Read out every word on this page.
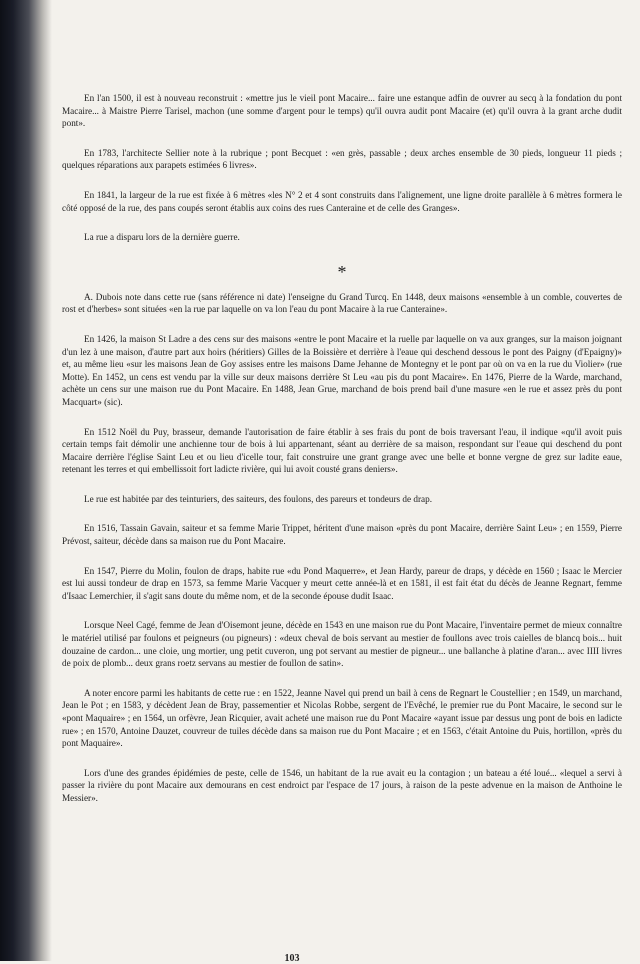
En l'an 1500, il est à nouveau reconstruit : «mettre jus le vieil pont Macaire... faire une estanque adfin de ouvrer au secq à la fondation du pont Macaire... à Maistre Pierre Tarisel, machon (une somme d'argent pour le temps) qu'il ouvra audit pont Macaire (et) qu'il ouvra à la grant arche dudit pont».

En 1783, l'architecte Sellier note à la rubrique ; pont Becquet : «en grès, passable ; deux arches ensemble de 30 pieds, longueur 11 pieds ; quelques réparations aux parapets estimées 6 livres».

En 1841, la largeur de la rue est fixée à 6 mètres «les N° 2 et 4 sont construits dans l'alignement, une ligne droite parallèle à 6 mètres formera le côté opposé de la rue, des pans coupés seront établis aux coins des rues Canteraine et de celle des Granges».

La rue a disparu lors de la dernière guerre.

*

A. Dubois note dans cette rue (sans référence ni date) l'enseigne du Grand Turcq. En 1448, deux maisons «ensemble à un comble, couvertes de rost et d'herbes» sont situées «en la rue par laquelle on va lon l'eau du pont Macaire à la rue Canteraine».

En 1426, la maison St Ladre a des cens sur des maisons «entre le pont Macaire et la ruelle par laquelle on va aux granges, sur la maison joignant d'un lez à une maison, d'autre part aux hoirs (héritiers) Gilles de la Boissière et derrière à l'eaue qui deschend dessous le pont des Paigny (d'Epaigny)» et, au même lieu «sur les maisons Jean de Goy assises entre les maisons Dame Jehanne de Montegny et le pont par où on va en la rue du Violier» (rue Motte). En 1452, un cens est vendu par la ville sur deux maisons derrière St Leu «au pis du pont Macaire». En 1476, Pierre de la Warde, marchand, achète un cens sur une maison rue du Pont Macaire. En 1488, Jean Grue, marchand de bois prend bail d'une masure «en le rue et assez près du pont Macquart» (sic).

En 1512 Noël du Puy, brasseur, demande l'autorisation de faire établir à ses frais du pont de bois traversant l'eau, il indique «qu'il avoit puis certain temps fait démolir une anchienne tour de bois à lui appartenant, séant au derrière de sa maison, respondant sur l'eaue qui deschend du pont Macaire derrière l'église Saint Leu et ou lieu d'icelle tour, fait construire une grant grange avec une belle et bonne vergne de grez sur ladite eaue, retenant les terres et qui embellissoit fort ladicte rivière, qui lui avoit cousté grans deniers».

Le rue est habitée par des teinturiers, des saiteurs, des foulons, des pareurs et tondeurs de drap.

En 1516, Tassain Gavain, saiteur et sa femme Marie Trippet, héritent d'une maison «près du pont Macaire, derrière Saint Leu» ; en 1559, Pierre Prévost, saiteur, décède dans sa maison rue du Pont Macaire.

En 1547, Pierre du Molin, foulon de draps, habite rue «du Pond Maquerre», et Jean Hardy, pareur de draps, y décède en 1560 ; Isaac le Mercier est lui aussi tondeur de drap en 1573, sa femme Marie Vacquer y meurt cette année-là et en 1581, il est fait état du décès de Jeanne Regnart, femme d'Isaac Lemerchier, il s'agit sans doute du même nom, et de la seconde épouse dudit Isaac.

Lorsque Neel Cagé, femme de Jean d'Oisemont jeune, décède en 1543 en une maison rue du Pont Macaire, l'inventaire permet de mieux connaître le matériel utilisé par foulons et peigneurs (ou pigneurs) : «deux cheval de bois servant au mestier de foullons avec trois caielles de blancq bois... huit douzaine de cardon... une cloie, ung mortier, ung petit cuveron, ung pot servant au mestier de pigneur... une ballanche à platine d'aran... avec IIII livres de poix de plomb... deux grans roetz servans au mestier de foullon de satin».

A noter encore parmi les habitants de cette rue : en 1522, Jeanne Navel qui prend un bail à cens de Regnart le Coustellier ; en 1549, un marchand, Jean le Pot ; en 1583, y décèdent Jean de Bray, passementier et Nicolas Robbe, sergent de l'Evêché, le premier rue du Pont Macaire, le second sur le «pont Maquaire» ; en 1564, un orfèvre, Jean Ricquier, avait acheté une maison rue du Pont Macaire «ayant issue par dessus ung pont de bois en ladicte rue» ; en 1570, Antoine Dauzet, couvreur de tuiles décède dans sa maison rue du Pont Macaire ; et en 1563, c'était Antoine du Puis, hortillon, «près du pont Maquaire».

Lors d'une des grandes épidémies de peste, celle de 1546, un habitant de la rue avait eu la contagion ; un bateau a été loué... «lequel a servi à passer la rivière du pont Macaire aux demourans en cest endroict par l'espace de 17 jours, à raison de la peste advenue en la maison de Anthoine le Messier».

103
